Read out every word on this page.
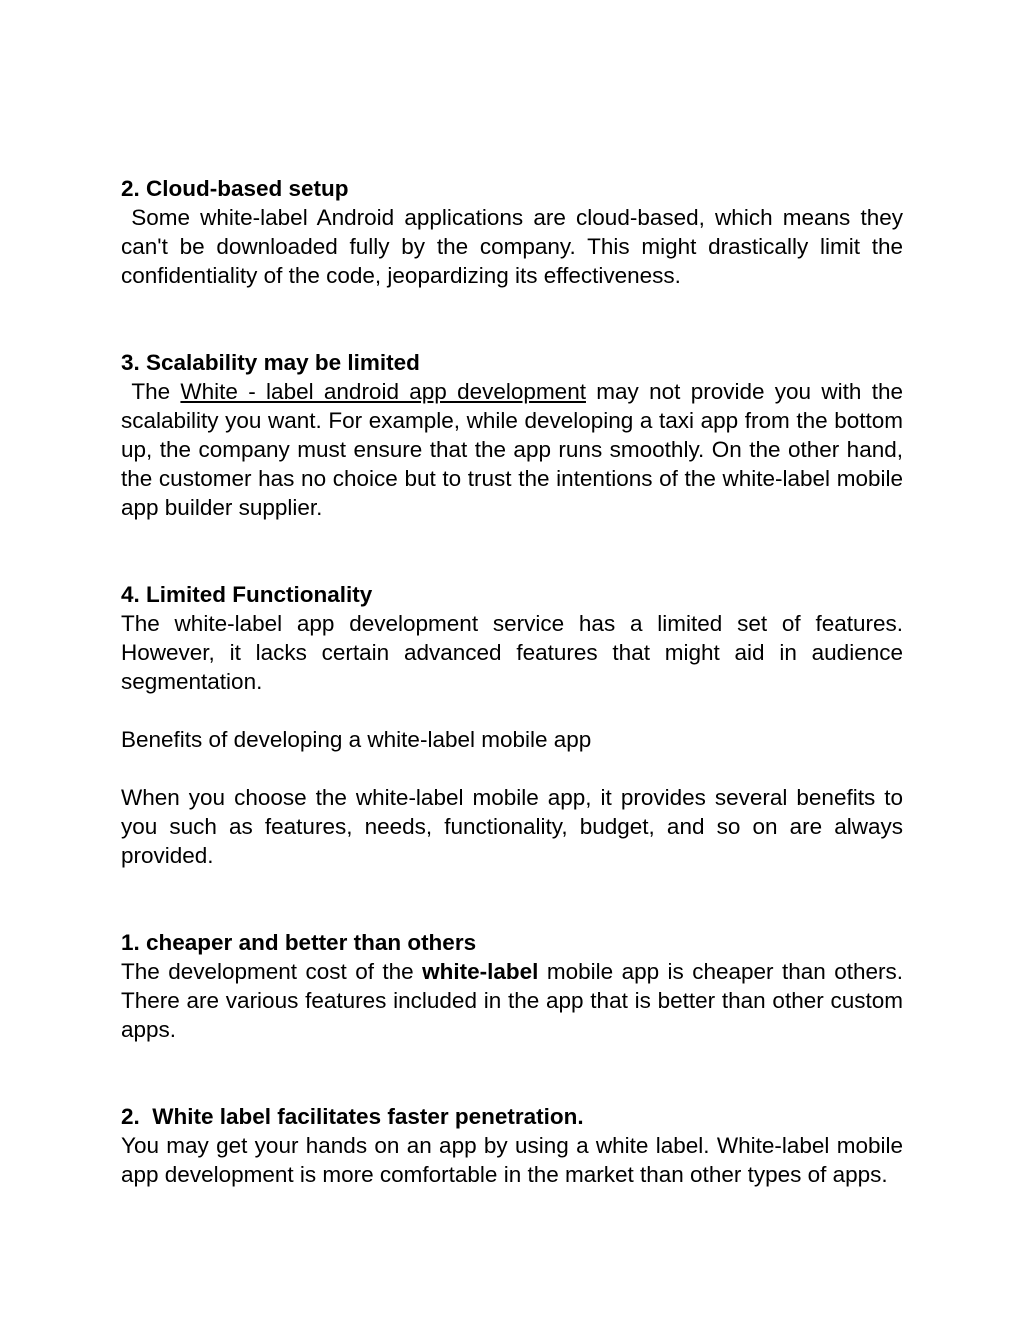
2. Cloud-based setup

Some white-label Android applications are cloud-based, which means they can't be downloaded fully by the company. This might drastically limit the confidentiality of the code, jeopardizing its effectiveness.

3. Scalability may be limited

The White - label android app development may not provide you with the scalability you want. For example, while developing a taxi app from the bottom up, the company must ensure that the app runs smoothly. On the other hand, the customer has no choice but to trust the intentions of the white-label mobile app builder supplier.

4. Limited Functionality

The white-label app development service has a limited set of features. However, it lacks certain advanced features that might aid in audience segmentation.

Benefits of developing a white-label mobile app

When you choose the white-label mobile app, it provides several benefits to you such as features, needs, functionality, budget, and so on are always provided.

1. cheaper and better than others

The development cost of the white-label mobile app is cheaper than others. There are various features included in the app that is better than other custom apps.

2.  White label facilitates faster penetration.

You may get your hands on an app by using a white label. White-label mobile app development is more comfortable in the market than other types of apps.
